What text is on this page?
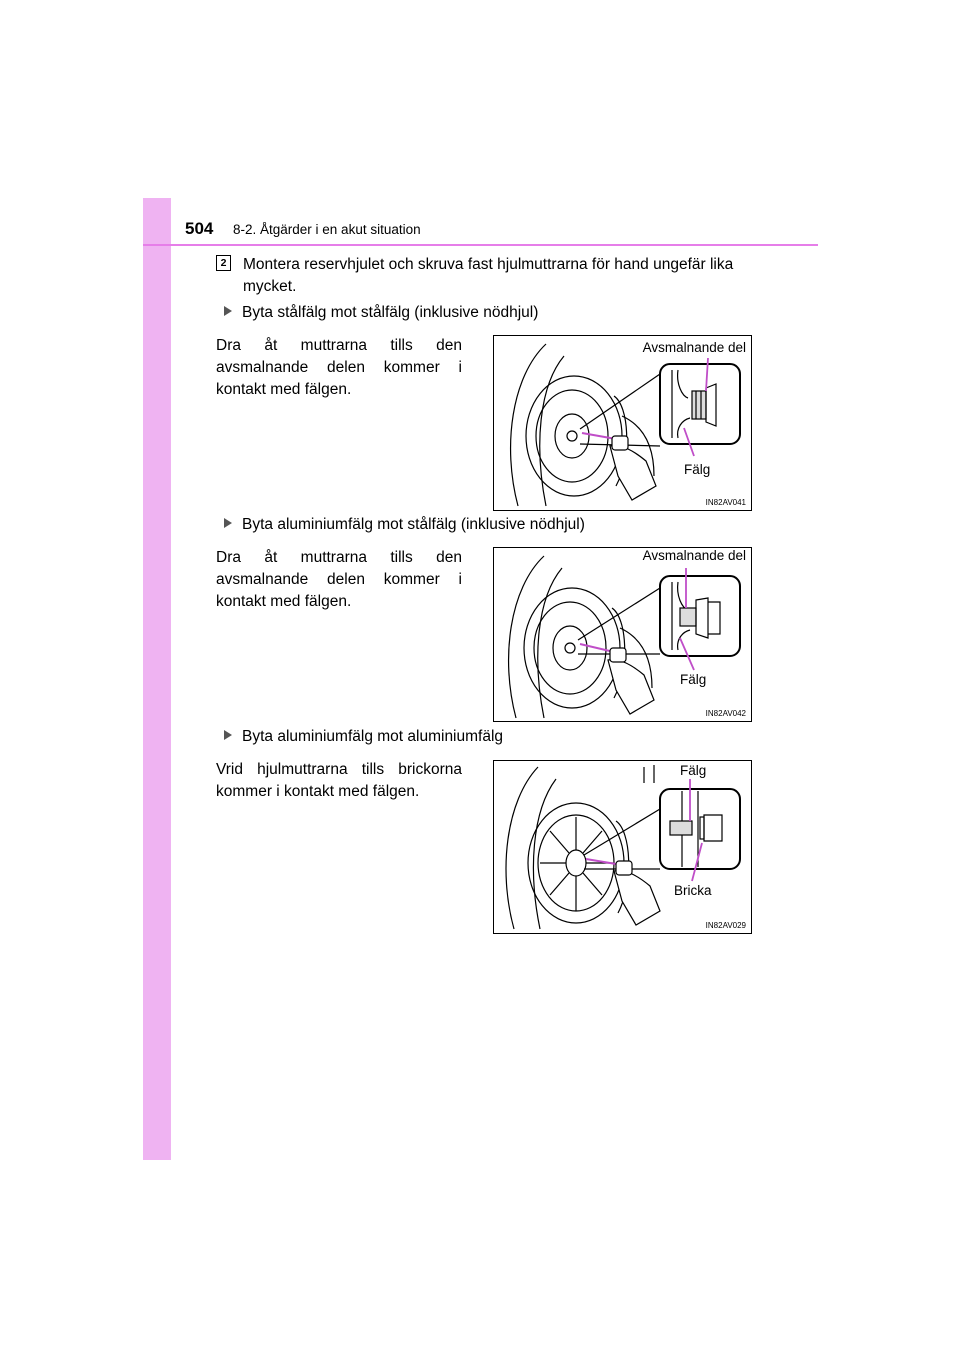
504 8-2. Åtgärder i en akut situation
2 Montera reservhjulet och skruva fast hjulmuttrarna för hand ungefär lika mycket.
Byta stålfälg mot stålfälg (inklusive nödhjul)
Dra åt muttrarna tills den avsmalnande delen kommer i kontakt med fälgen.
Avsmalnande del
Fälg
IN82AV041
Byta aluminiumfälg mot stålfälg (inklusive nödhjul)
Dra åt muttrarna tills den avsmalnande delen kommer i kontakt med fälgen.
Avsmalnande del
Fälg
IN82AV042
Byta aluminiumfälg mot aluminiumfälg
Vrid hjulmuttrarna tills brickorna kommer i kontakt med fälgen.
Fälg
Bricka
IN82AV029
